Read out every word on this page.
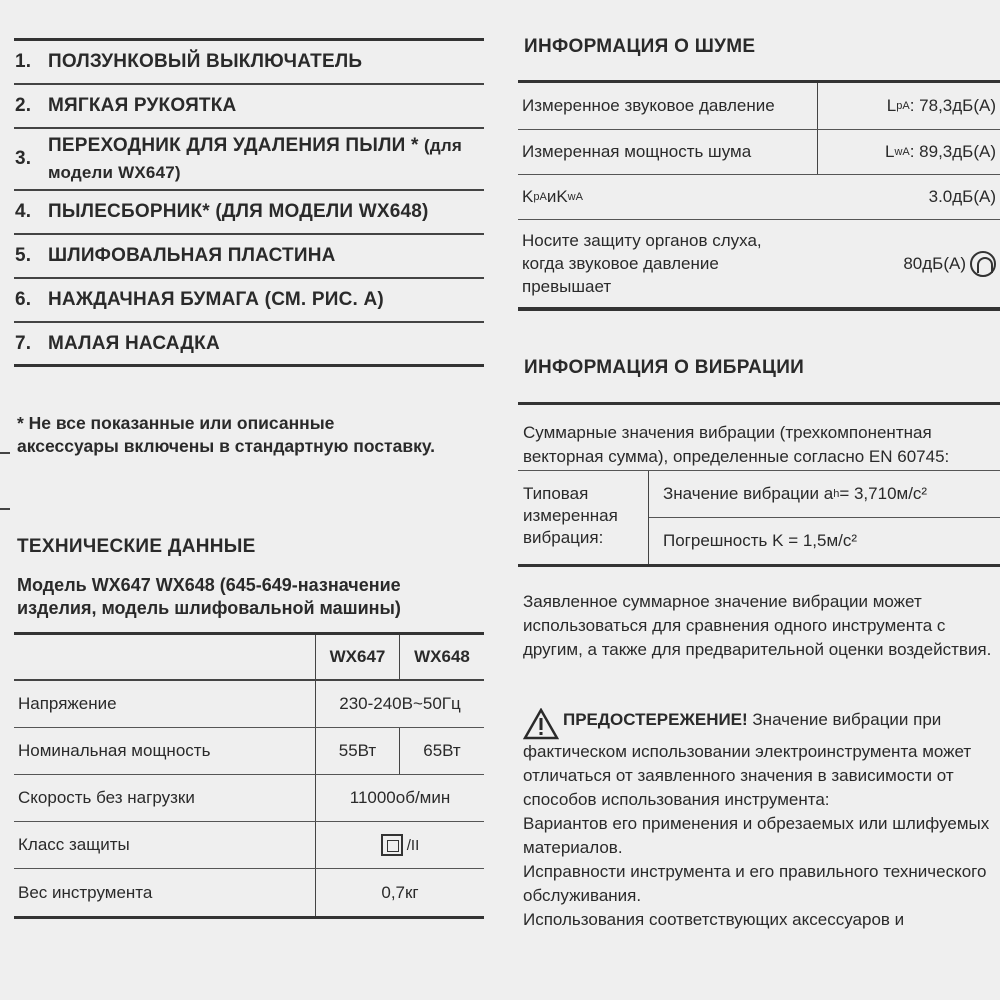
1. ПОЛЗУНКОВЫЙ ВЫКЛЮЧАТЕЛЬ
2. МЯГКАЯ РУКОЯТКА
3.
ПЕРЕХОДНИК ДЛЯ УДАЛЕНИЯ ПЫЛИ * (для
модели WX647)
4. ПЫЛЕСБОРНИК* (ДЛЯ МОДЕЛИ WX648)
5. ШЛИФОВАЛЬНАЯ ПЛАСТИНА
6. НАЖДАЧНАЯ БУМАГА (СМ. РИС. А)
7. МАЛАЯ НАСАДКА
* Не все показанные или описанные аксессуары включены в стандартную поставку.
ТЕХНИЧЕСКИЕ ДАННЫЕ
Модель WX647 WX648 (645-649-назначение изделия, модель шлифовальной машины)
WX647	WX648
Напряжение	230-240В~50Гц
Номинальная мощность	55Вт	65Вт
Скорость без нагрузки	11000об/мин
Класс защиты	/II
Вес инструмента	0,7кг
ИНФОРМАЦИЯ О ШУМЕ
Измеренное звуковое давление	L pA : 78,3дБ(А)
Измеренная мощность шума	L wA : 89,3дБ(А)
K pA и K wA	3.0дБ(А)
Носите защиту органов слуха, когда звуковое давление превышает
80дБ(А)
ИНФОРМАЦИЯ О ВИБРАЦИИ
Суммарные значения вибрации (трехкомпонентная векторная сумма), определенные согласно EN 60745:
Типовая измеренная вибрация:
Значение вибрации a h = 3,710м/с²
Погрешность K = 1,5м/с²
Заявленное суммарное значение вибрации может использоваться для сравнения одного инструмента с другим, а также для предварительной оценки воздействия.
ПРЕДОСТЕРЕЖЕНИЕ! Значение вибрации при фактическом использовании электроинструмента может отличаться от заявленного значения в зависимости от способов использования инструмента:
Вариантов его применения и обрезаемых или шлифуемых материалов.
Исправности инструмента и его правильного технического обслуживания.
Использования соответствующих аксессуаров и
